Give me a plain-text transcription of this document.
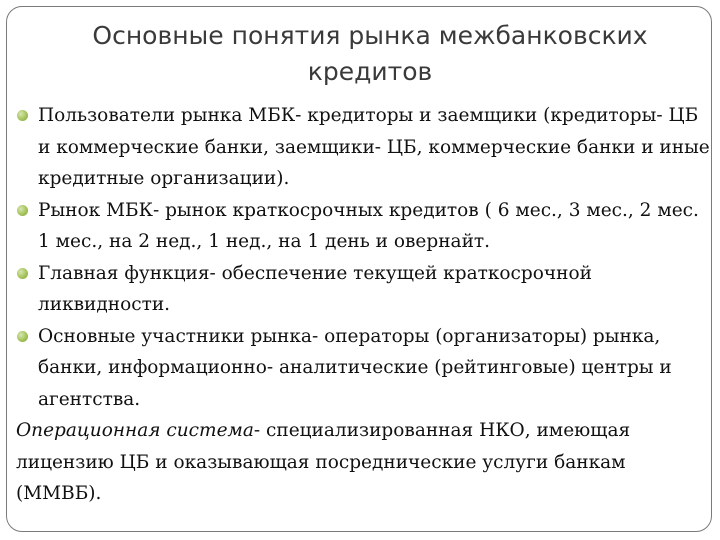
Основные понятия рынка межбанковских кредитов
Пользователи рынка МБК- кредиторы и заемщики (кредиторы- ЦБ и коммерческие банки, заемщики- ЦБ, коммерческие банки и иные кредитные организации).
Рынок МБК- рынок краткосрочных кредитов ( 6 мес., 3 мес., 2 мес. 1 мес., на 2 нед., 1 нед., на 1 день и овернайт.
Главная функция- обеспечение текущей краткосрочной ликвидности.
Основные участники рынка- операторы (организаторы) рынка, банки, информационно- аналитические (рейтинговые) центры и агентства.

Операционная система- специализированная НКО, имеющая лицензию ЦБ и оказывающая посреднические услуги банкам (ММВБ).
